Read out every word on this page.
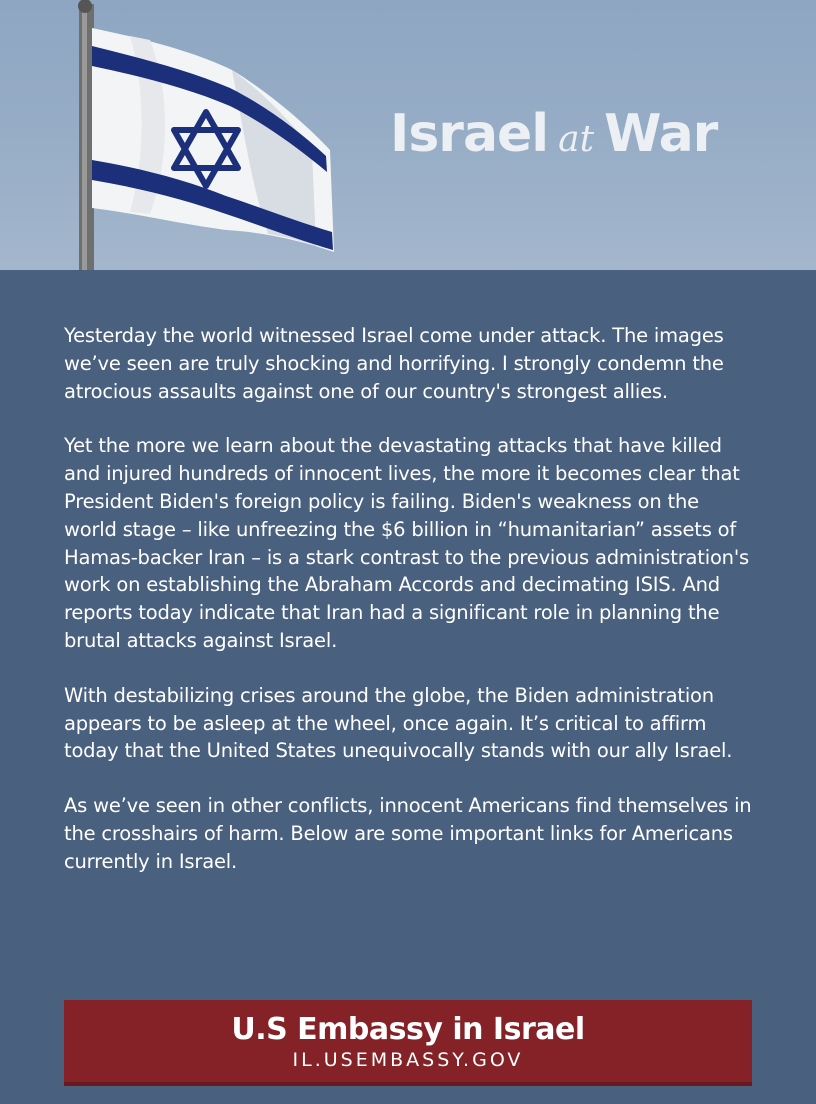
Israel at War

Yesterday the world witnessed Israel come under attack. The images we’ve seen are truly shocking and horrifying. I strongly condemn the atrocious assaults against one of our country's strongest allies.

Yet the more we learn about the devastating attacks that have killed and injured hundreds of innocent lives, the more it becomes clear that President Biden's foreign policy is failing. Biden's weakness on the world stage – like unfreezing the $6 billion in “humanitarian” assets of Hamas-backer Iran – is a stark contrast to the previous administration's work on establishing the Abraham Accords and decimating ISIS. And reports today indicate that Iran had a significant role in planning the brutal attacks against Israel.

With destabilizing crises around the globe, the Biden administration appears to be asleep at the wheel, once again. It’s critical to affirm today that the United States unequivocally stands with our ally Israel.

As we’ve seen in other conflicts, innocent Americans find themselves in the crosshairs of harm. Below are some important links for Americans currently in Israel.

U.S Embassy in Israel
IL.USEMBASSY.GOV
